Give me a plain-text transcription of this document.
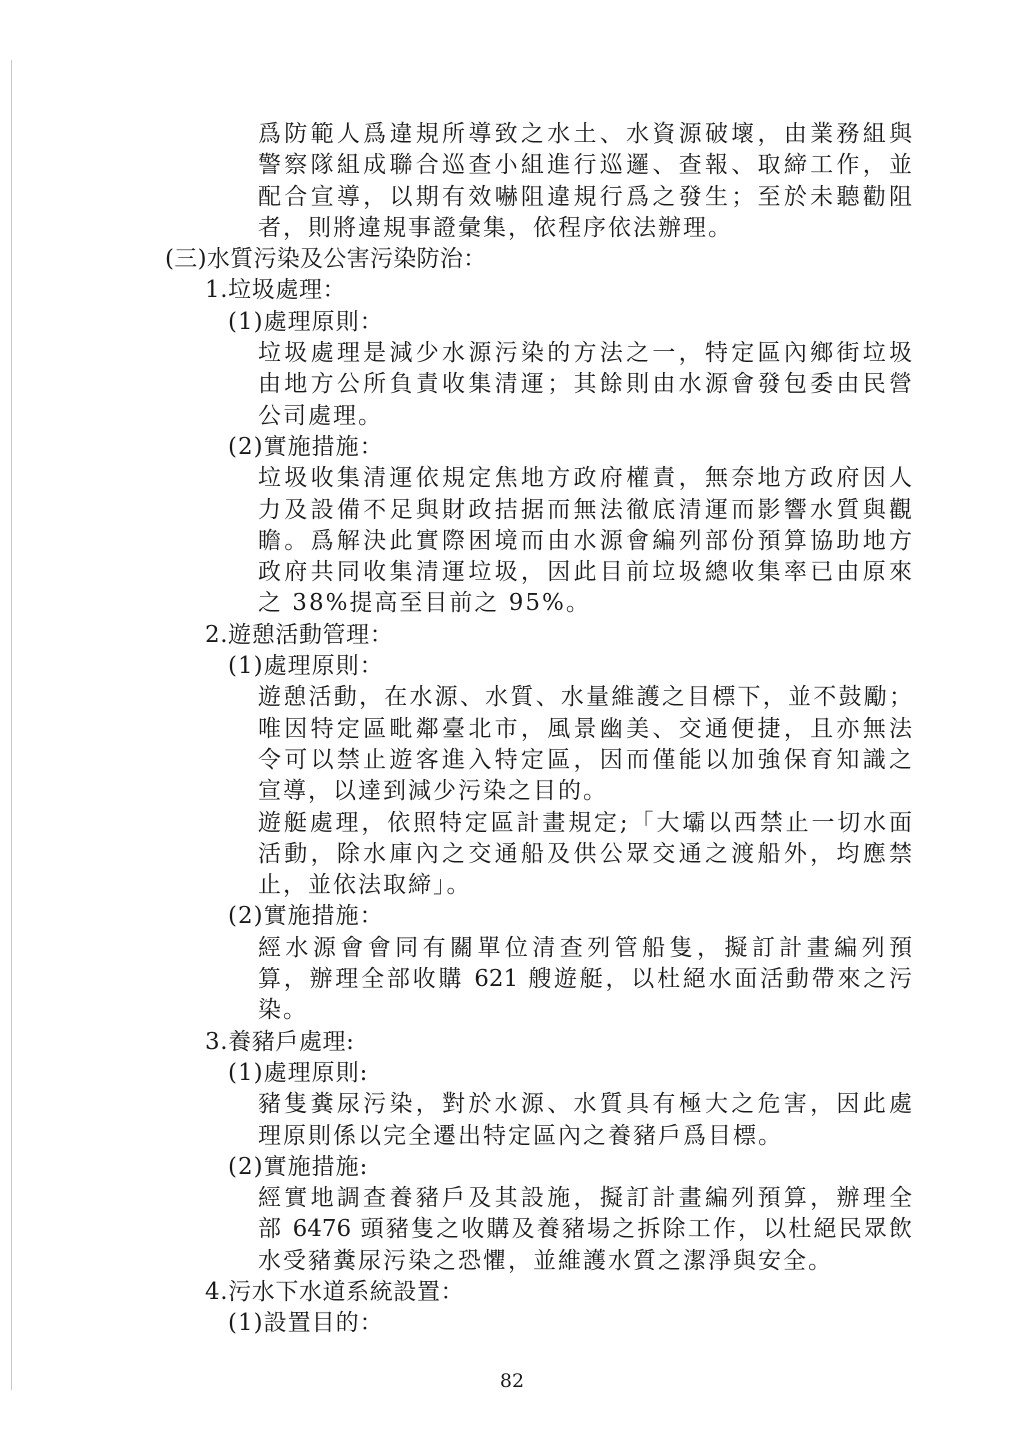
爲防範人爲違規所導致之水土、水資源破壞，由業務組與
警察隊組成聯合巡查小組進行巡邏、查報、取締工作，並
配合宣導，以期有效嚇阻違規行爲之發生；至於未聽勸阻
者，則將違規事證彙集，依程序依法辦理。
(三)水質污染及公害污染防治：
1.垃圾處理：
(1)處理原則：
垃圾處理是減少水源污染的方法之一，特定區內鄉街垃圾
由地方公所負責收集清運；其餘則由水源會發包委由民營
公司處理。
(2)實施措施：
垃圾收集清運依規定焦地方政府權責，無奈地方政府因人
力及設備不足與財政拮据而無法徹底清運而影響水質與觀
瞻。爲解決此實際困境而由水源會編列部份預算協助地方
政府共同收集清運垃圾，因此目前垃圾總收集率已由原來
之 38%提高至目前之 95%。
2.遊憩活動管理：
(1)處理原則：
遊憩活動，在水源、水質、水量維護之目標下，並不鼓勵；
唯因特定區毗鄰臺北市，風景幽美、交通便捷，且亦無法
令可以禁止遊客進入特定區，因而僅能以加強保育知識之
宣導，以達到減少污染之目的。
遊艇處理，依照特定區計畫規定;「大壩以西禁止一切水面
活動，除水庫內之交通船及供公眾交通之渡船外，均應禁
止，並依法取締」。
(2)實施措施：
經水源會會同有關單位清查列管船隻，擬訂計畫編列預
算，辦理全部收購 621 艘遊艇，以杜絕水面活動帶來之污
染。
3.養豬戶處理:
(1)處理原則:
豬隻糞尿污染，對於水源、水質具有極大之危害，因此處
理原則係以完全遷出特定區內之養豬戶爲目標。
(2)實施措施:
經實地調查養豬戶及其設施，擬訂計畫編列預算，辦理全
部 6476 頭豬隻之收購及養豬場之拆除工作，以杜絕民眾飲
水受豬糞尿污染之恐懼，並維護水質之潔淨與安全。
4.污水下水道系統設置：
(1)設置目的：
82
